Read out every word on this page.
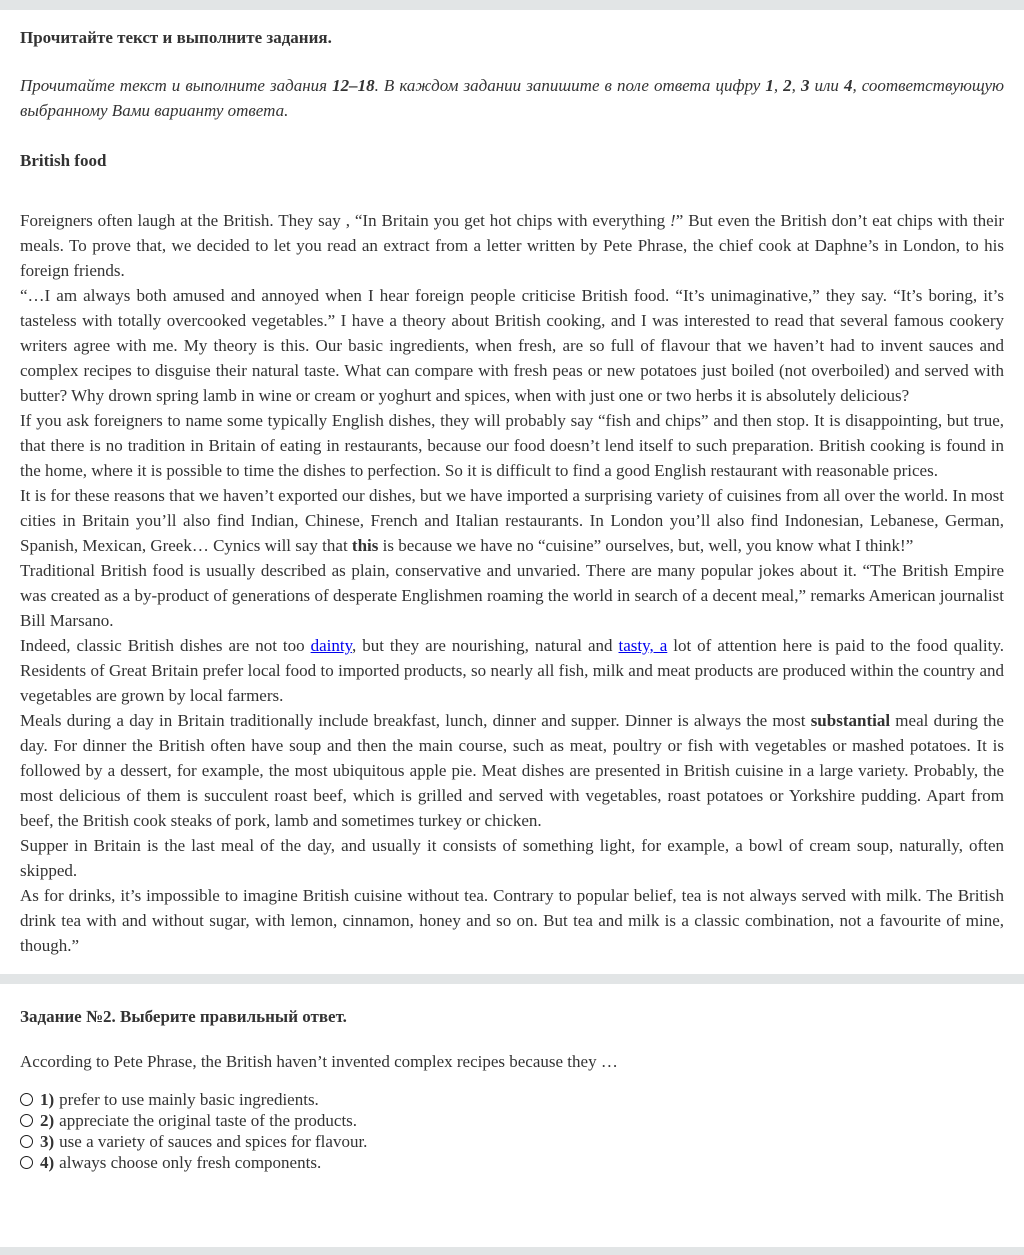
Прочитайте текст и выполните задания.
Прочитайте текст и выполните задания 12–18. В каждом задании запишите в поле ответа цифру 1, 2, 3 или 4, соответствующую выбранному Вами варианту ответа.
British food

Foreigners often laugh at the British. They say , “In Britain you get hot chips with everything !” But even the British don’t eat chips with their meals. To prove that, we decided to let you read an extract from a letter written by Pete Phrase, the chief cook at Daphne’s in London, to his foreign friends.

“…I am always both amused and annoyed when I hear foreign people criticise British food. “It’s unimaginative,” they say. “It’s boring, it’s tasteless with totally overcooked vegetables.” I have a theory about British cooking, and I was interested to read that several famous cookery writers agree with me. My theory is this. Our basic ingredients, when fresh, are so full of flavour that we haven’t had to invent sauces and complex recipes to disguise their natural taste. What can compare with fresh peas or new potatoes just boiled (not overboiled) and served with butter? Why drown spring lamb in wine or cream or yoghurt and spices, when with just one or two herbs it is absolutely delicious?

If you ask foreigners to name some typically English dishes, they will probably say “fish and chips” and then stop. It is disappointing, but true, that there is no tradition in Britain of eating in restaurants, because our food doesn’t lend itself to such preparation. British cooking is found in the home, where it is possible to time the dishes to perfection. So it is difficult to find a good English restaurant with reasonable prices.

It is for these reasons that we haven’t exported our dishes, but we have imported a surprising variety of cuisines from all over the world. In most cities in Britain you’ll also find Indian, Chinese, French and Italian restaurants. In London you’ll also find Indonesian, Lebanese, German, Spanish, Mexican, Greek… Cynics will say that this is because we have no “cuisine” ourselves, but, well, you know what I think!”

Traditional British food is usually described as plain, conservative and unvaried. There are many popular jokes about it. “The British Empire was created as a by-product of generations of desperate Englishmen roaming the world in search of a decent meal,” remarks American journalist Bill Marsano.

Indeed, classic British dishes are not too dainty, but they are nourishing, natural and tasty, a lot of attention here is paid to the food quality. Residents of Great Britain prefer local food to imported products, so nearly all fish, milk and meat products are produced within the country and vegetables are grown by local farmers.

Meals during a day in Britain traditionally include breakfast, lunch, dinner and supper. Dinner is always the most substantial meal during the day. For dinner the British often have soup and then the main course, such as meat, poultry or fish with vegetables or mashed potatoes. It is followed by a dessert, for example, the most ubiquitous apple pie. Meat dishes are presented in British cuisine in a large variety. Probably, the most delicious of them is succulent roast beef, which is grilled and served with vegetables, roast potatoes or Yorkshire pudding. Apart from beef, the British cook steaks of pork, lamb and sometimes turkey or chicken.

Supper in Britain is the last meal of the day, and usually it consists of something light, for example, a bowl of cream soup, naturally, often skipped.

As for drinks, it’s impossible to imagine British cuisine without tea. Contrary to popular belief, tea is not always served with milk. The British drink tea with and without sugar, with lemon, cinnamon, honey and so on. But tea and milk is a classic combination, not a favourite of mine, though.”

Задание №2. Выберите правильный ответ.
According to Pete Phrase, the British haven’t invented complex recipes because they …
1) prefer to use mainly basic ingredients.
2) appreciate the original taste of the products.
3) use a variety of sauces and spices for flavour.
4) always choose only fresh components.
